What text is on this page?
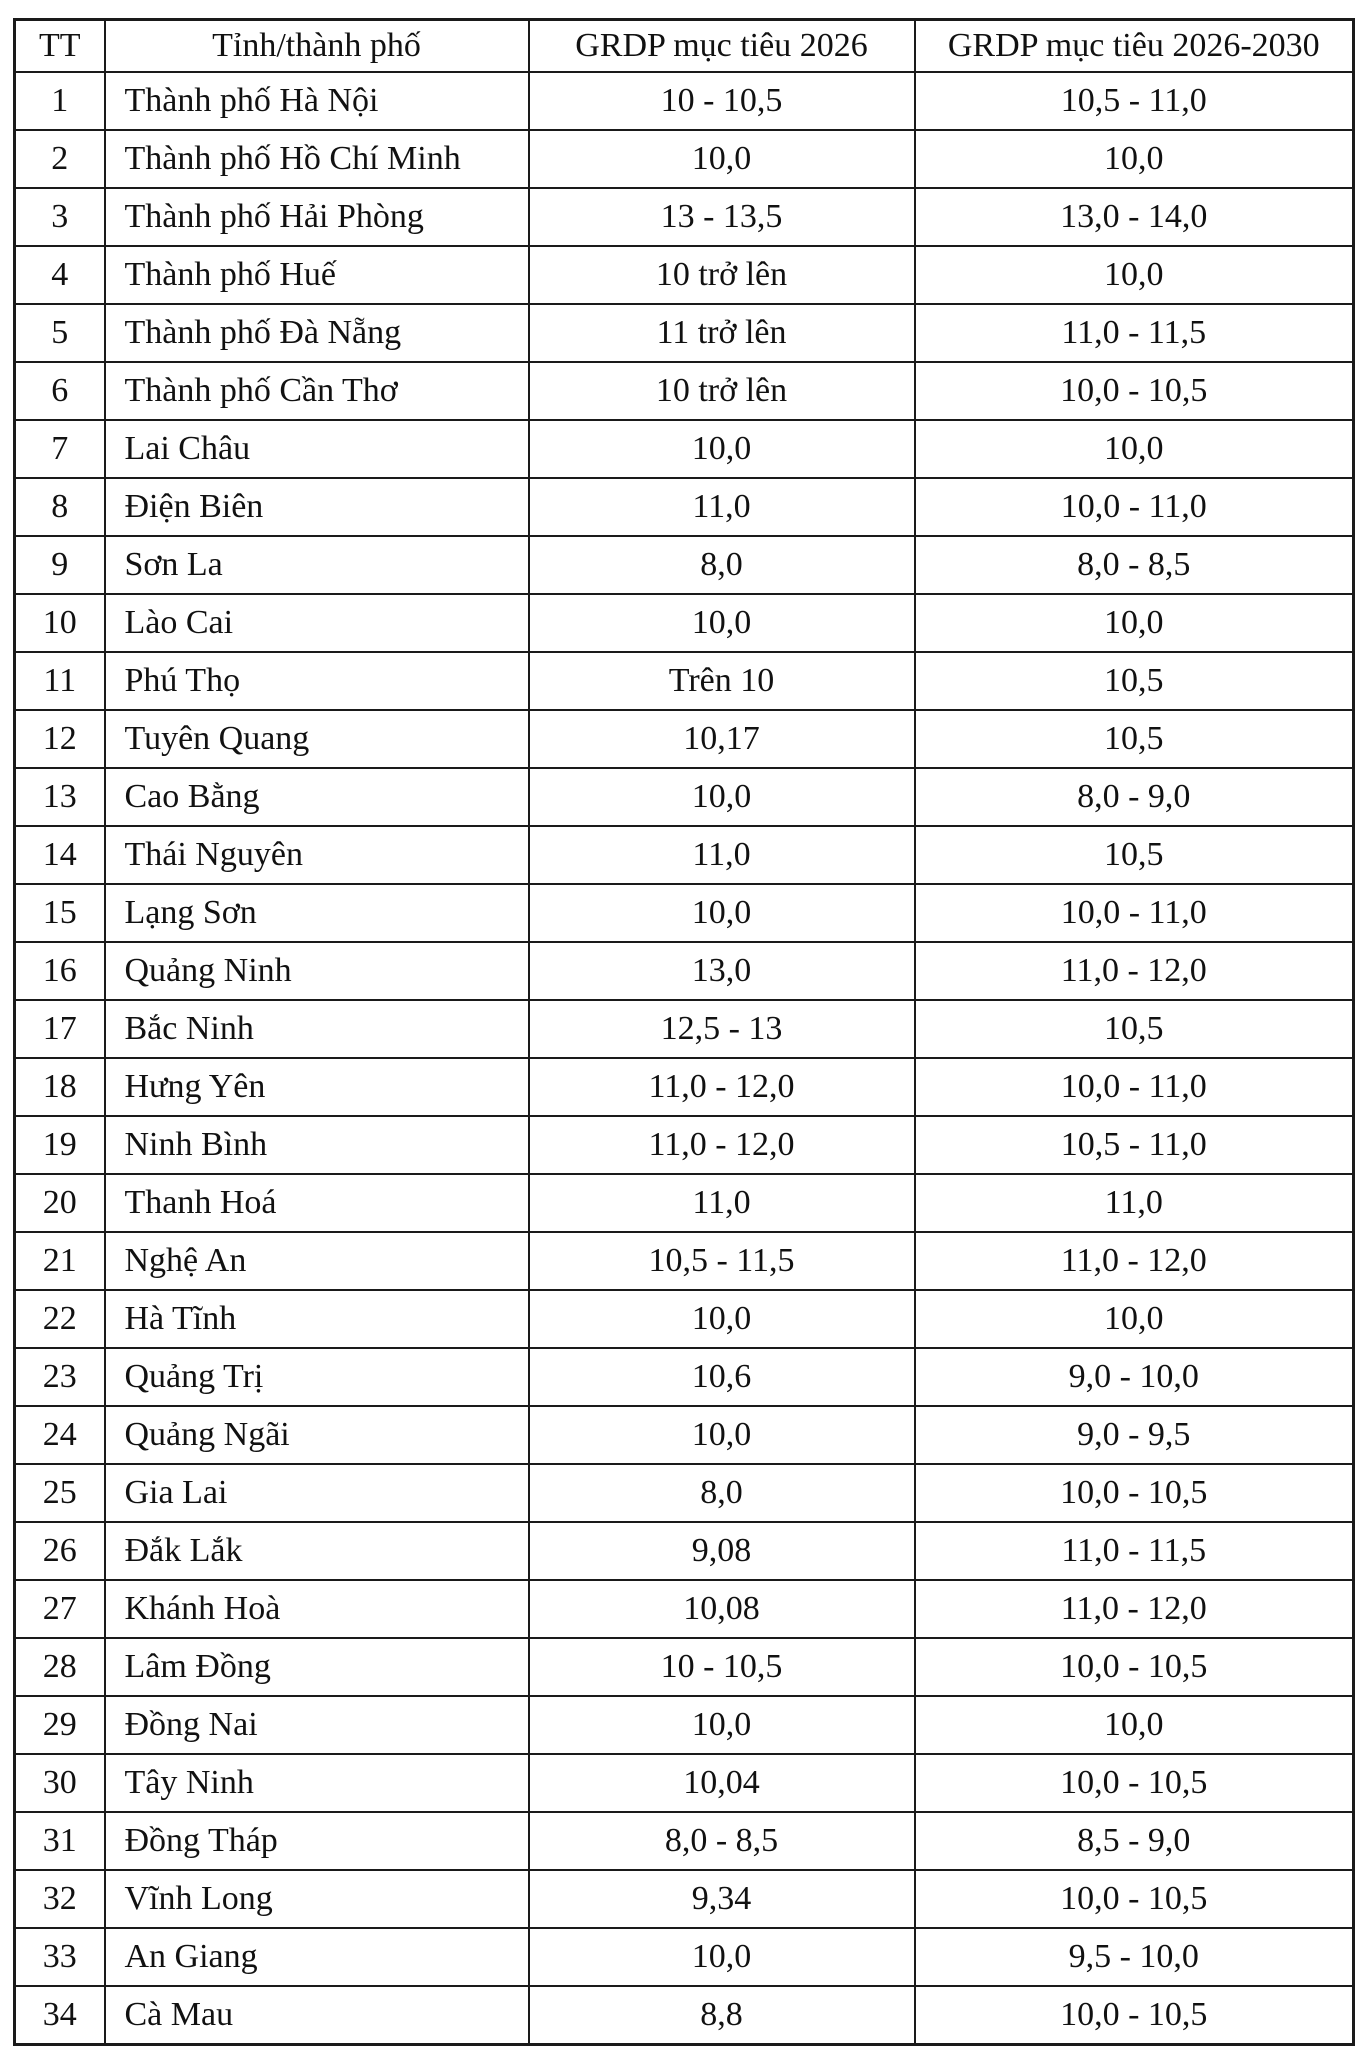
TT	Tỉnh/thành phố	GRDP mục tiêu 2026	GRDP mục tiêu 2026-2030
1	Thành phố Hà Nội	10 - 10,5	10,5 - 11,0
2	Thành phố Hồ Chí Minh	10,0	10,0
3	Thành phố Hải Phòng	13 - 13,5	13,0 - 14,0
4	Thành phố Huế	10 trở lên	10,0
5	Thành phố Đà Nẵng	11 trở lên	11,0 - 11,5
6	Thành phố Cần Thơ	10 trở lên	10,0 - 10,5
7	Lai Châu	10,0	10,0
8	Điện Biên	11,0	10,0 - 11,0
9	Sơn La	8,0	8,0 - 8,5
10	Lào Cai	10,0	10,0
11	Phú Thọ	Trên 10	10,5
12	Tuyên Quang	10,17	10,5
13	Cao Bằng	10,0	8,0 - 9,0
14	Thái Nguyên	11,0	10,5
15	Lạng Sơn	10,0	10,0 - 11,0
16	Quảng Ninh	13,0	11,0 - 12,0
17	Bắc Ninh	12,5 - 13	10,5
18	Hưng Yên	11,0 - 12,0	10,0 - 11,0
19	Ninh Bình	11,0 - 12,0	10,5 - 11,0
20	Thanh Hoá	11,0	11,0
21	Nghệ An	10,5 - 11,5	11,0 - 12,0
22	Hà Tĩnh	10,0	10,0
23	Quảng Trị	10,6	9,0 - 10,0
24	Quảng Ngãi	10,0	9,0 - 9,5
25	Gia Lai	8,0	10,0 - 10,5
26	Đắk Lắk	9,08	11,0 - 11,5
27	Khánh Hoà	10,08	11,0 - 12,0
28	Lâm Đồng	10 - 10,5	10,0 - 10,5
29	Đồng Nai	10,0	10,0
30	Tây Ninh	10,04	10,0 - 10,5
31	Đồng Tháp	8,0 - 8,5	8,5 - 9,0
32	Vĩnh Long	9,34	10,0 - 10,5
33	An Giang	10,0	9,5 - 10,0
34	Cà Mau	8,8	10,0 - 10,5
